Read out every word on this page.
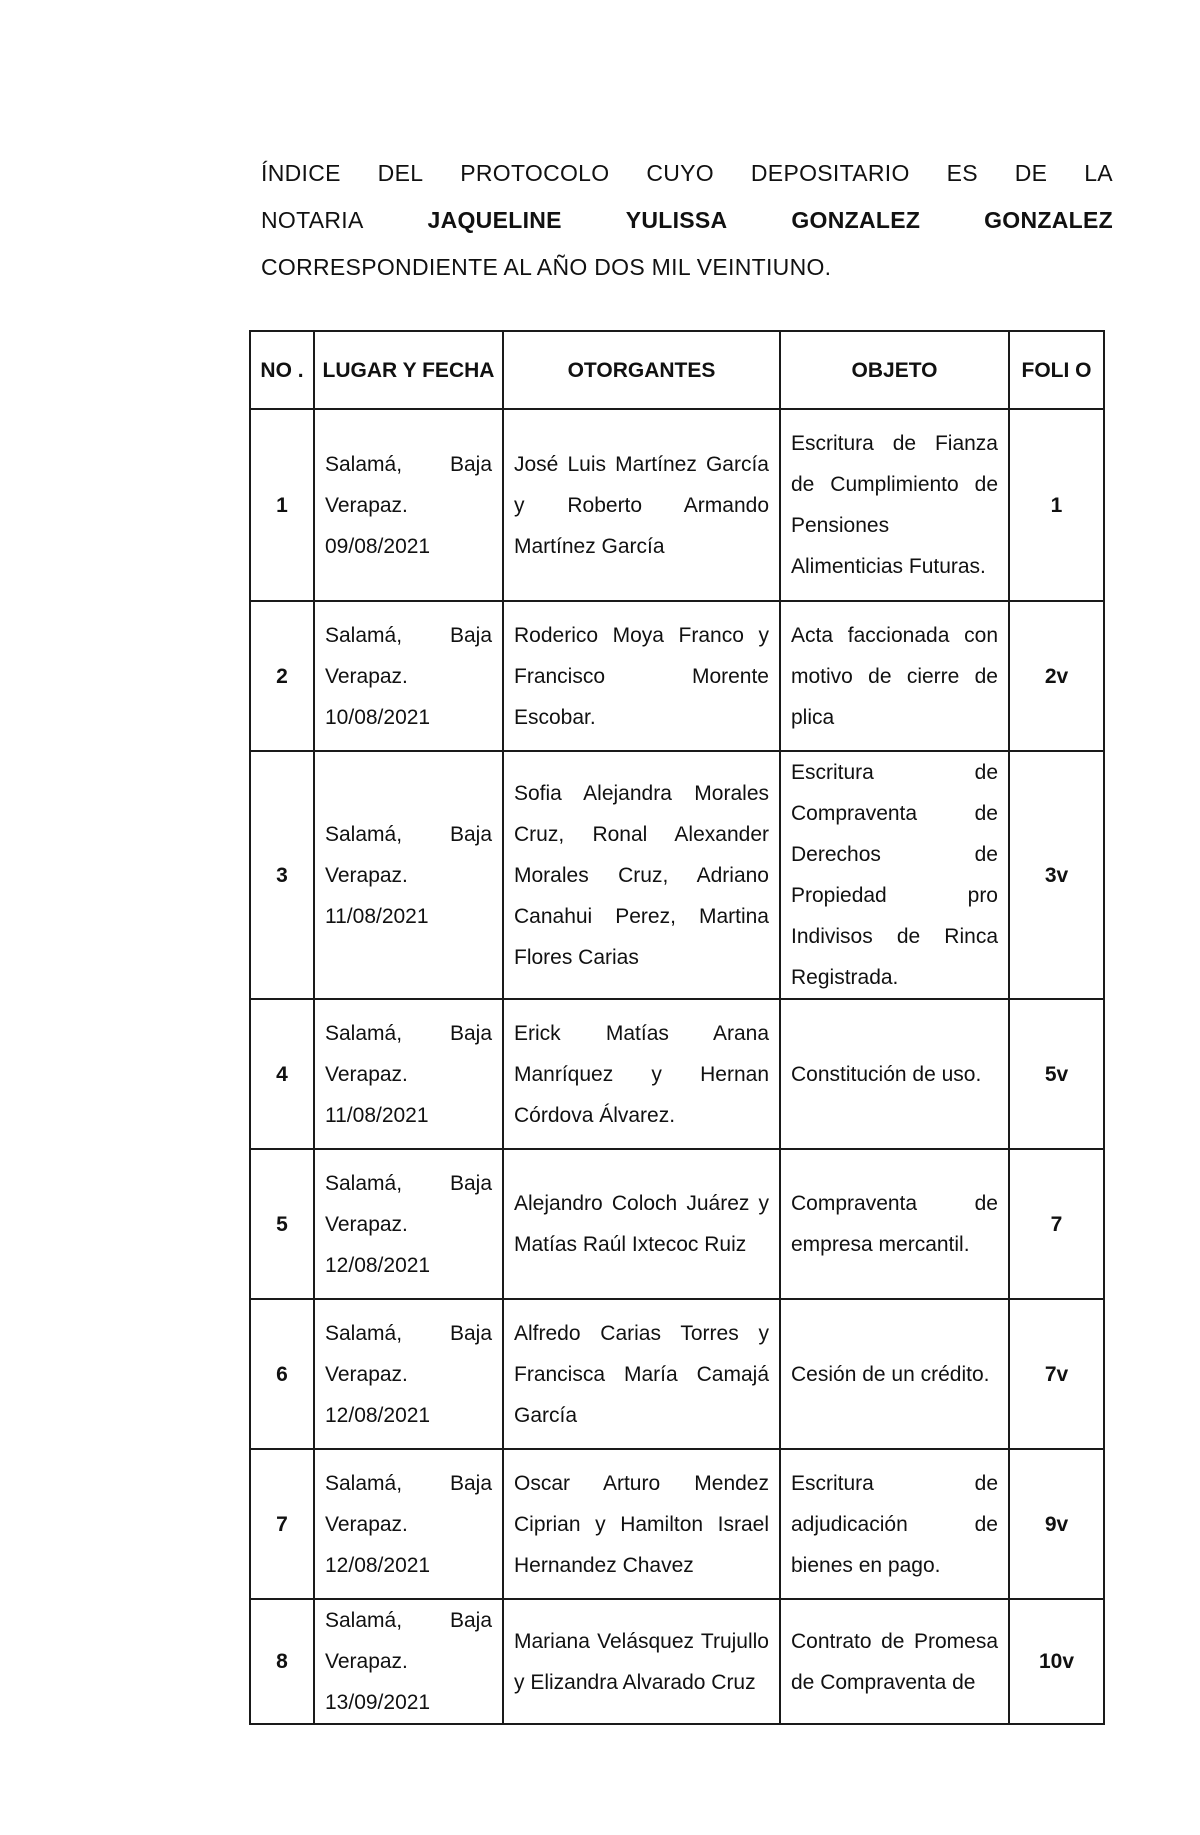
ÍNDICE DEL PROTOCOLO CUYO DEPOSITARIO ES DE LA
NOTARIA	JAQUELINE	YULISSA	GONZALEZ	GONZALEZ
CORRESPONDIENTE AL AÑO DOS MIL VEINTIUNO.
NO .	LUGAR Y FECHA	OTORGANTES	OBJETO	FOLI O
1	Salamá, Baja Verapaz. 09/08/2021	José Luis Martínez García y Roberto Armando Martínez García	Escritura de Fianza de Cumplimiento de Pensiones Alimenticias Futuras.	1
2	Salamá, Baja Verapaz. 10/08/2021	Roderico Moya Franco y Francisco Morente Escobar.	Acta faccionada con motivo de cierre de plica	2v
3	Salamá, Baja Verapaz. 11/08/2021	Sofia Alejandra Morales Cruz, Ronal Alexander Morales Cruz, Adriano Canahui Perez, Martina Flores Carias	Escritura de Compraventa de Derechos de Propiedad pro Indivisos de Rinca Registrada.	3v
4	Salamá, Baja Verapaz. 11/08/2021	Erick Matías Arana Manríquez y Hernan Córdova Álvarez.	Constitución de uso.	5v
5	Salamá, Baja Verapaz. 12/08/2021	Alejandro Coloch Juárez y Matías Raúl Ixtecoc Ruiz	Compraventa de empresa mercantil.	7
6	Salamá, Baja Verapaz. 12/08/2021	Alfredo Carias Torres y Francisca María Camajá García	Cesión de un crédito.	7v
7	Salamá, Baja Verapaz. 12/08/2021	Oscar Arturo Mendez Ciprian y Hamilton Israel Hernandez Chavez	Escritura de adjudicación de bienes en pago.	9v
8	Salamá, Baja Verapaz. 13/09/2021	Mariana Velásquez Trujullo y Elizandra Alvarado Cruz	Contrato de Promesa de Compraventa de	10v
